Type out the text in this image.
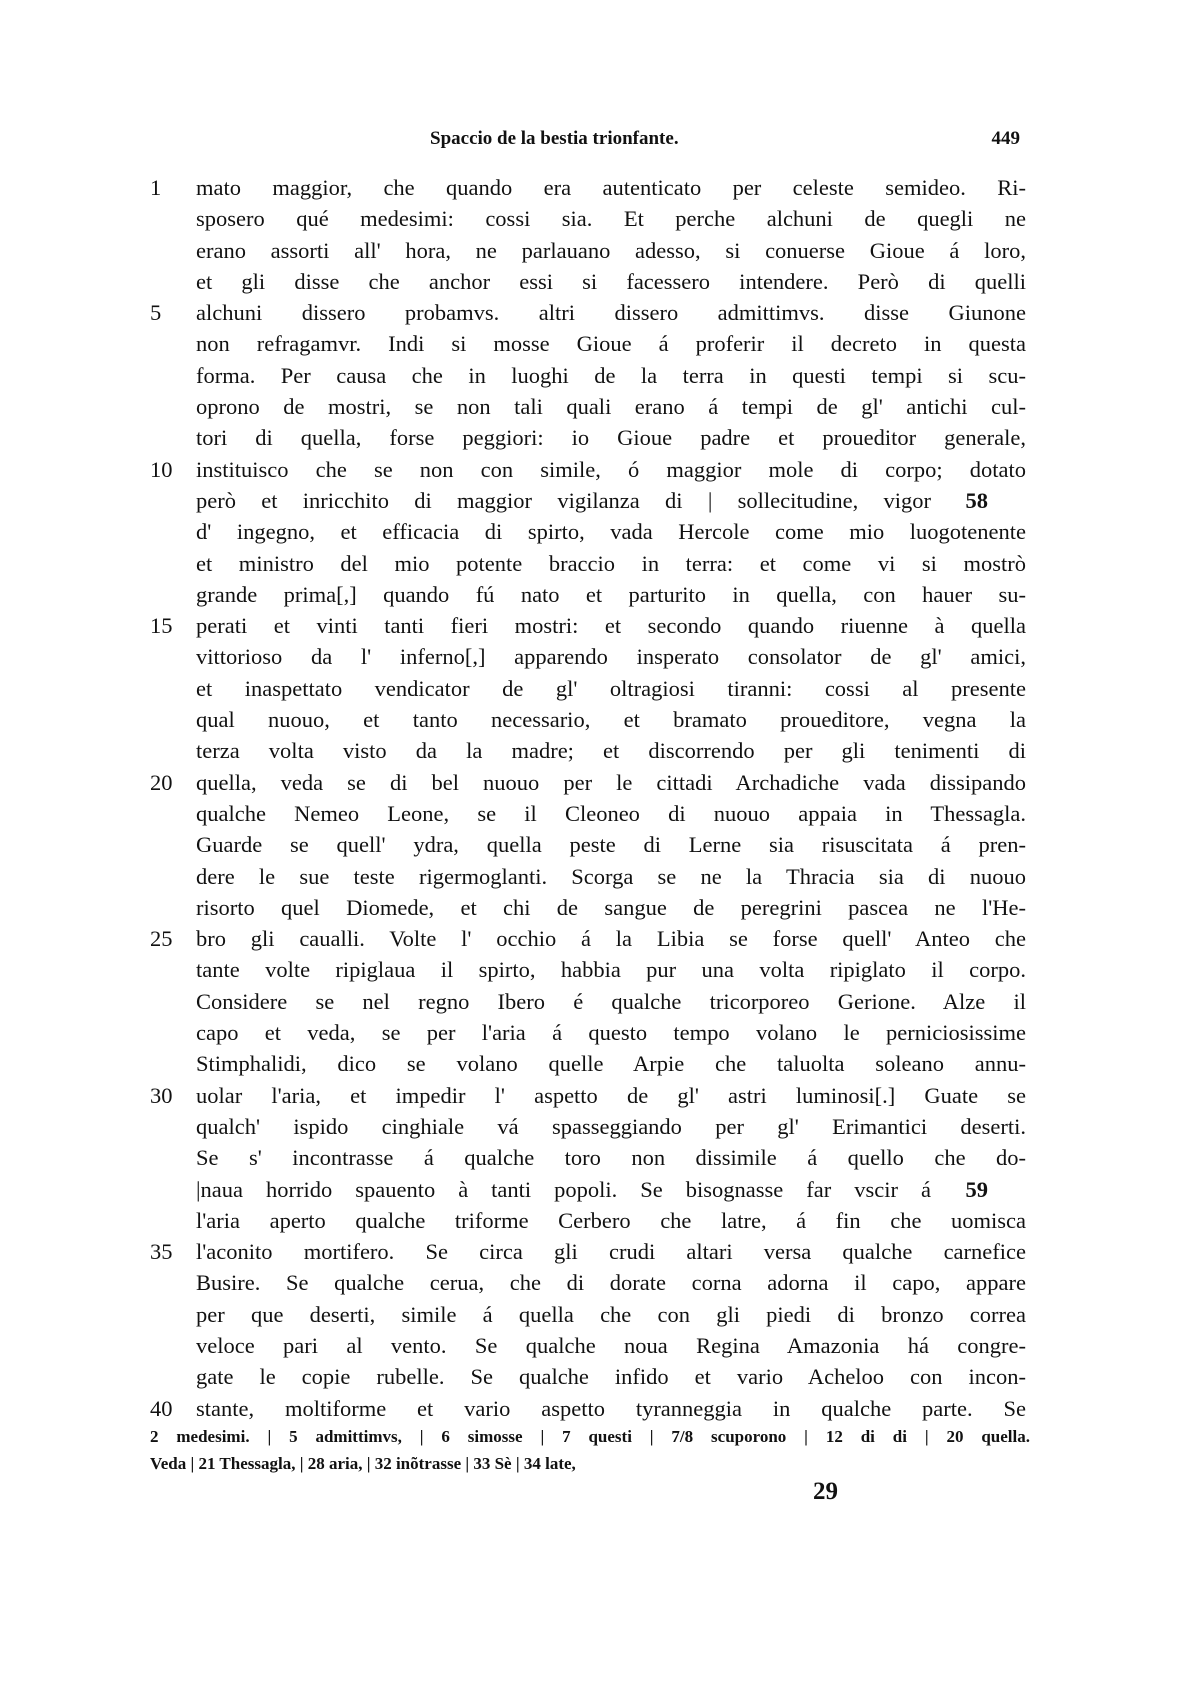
Spaccio de la bestia trionfante.	449
1	mato maggior, che quando era autenticato per celeste semideo. Ri-
sposero qué medesimi: cossi sia. Et perche alchuni de quegli ne
erano assorti all' hora, ne parlauano adesso, si conuerse Gioue á loro,
et gli disse che anchor essi si facessero intendere. Però di quelli
5	alchuni dissero probamvs. altri dissero admittimvs. disse Giunone
non refragamvr. Indi si mosse Gioue á proferir il decreto in questa
forma. Per causa che in luoghi de la terra in questi tempi si scu-
oprono de mostri, se non tali quali erano á tempi de gl' antichi cul-
tori di quella, forse peggiori: io Gioue padre et proueditor generale,
10	instituisco che se non con simile, ó maggior mole di corpo; dotato
però et inricchito di maggior vigilanza di | sollecitudine, vigor	58
d' ingegno, et efficacia di spirto, vada Hercole come mio luogotenente
et ministro del mio potente braccio in terra: et come vi si mostrò
grande prima[,] quando fú nato et parturito in quella, con hauer su-
15	perati et vinti tanti fieri mostri: et secondo quando riuenne à quella
vittorioso da l' inferno[,] apparendo insperato consolator de gl' amici,
et inaspettato vendicator de gl' oltragiosi tiranni: cossi al presente
qual nuouo, et tanto necessario, et bramato proueditore, vegna la
terza volta visto da la madre; et discorrendo per gli tenimenti di
20	quella, veda se di bel nuouo per le cittadi Archadiche vada dissipando
qualche Nemeo Leone, se il Cleoneo di nuouo appaia in Thessagla.
Guarde se quell' ydra, quella peste di Lerne sia risuscitata á pren-
dere le sue teste rigermoglanti. Scorga se ne la Thracia sia di nuouo
risorto quel Diomede, et chi de sangue de peregrini pascea ne l'He-
25	bro gli caualli. Volte l' occhio á la Libia se forse quell' Anteo che
tante volte ripiglaua il spirto, habbia pur una volta ripiglato il corpo.
Considere se nel regno Ibero é qualche tricorporeo Gerione. Alze il
capo et veda, se per l'aria á questo tempo volano le perniciosissime
Stimphalidi, dico se volano quelle Arpie che taluolta soleano annu-
30	uolar l'aria, et impedir l' aspetto de gl' astri luminosi[.] Guate se
qualch' ispido cinghiale vá spasseggiando per gl' Erimantici deserti.
Se s' incontrasse á qualche toro non dissimile á quello che do-
|naua horrido spauento à tanti popoli. Se bisognasse far vscir á	59
l'aria aperto qualche triforme Cerbero che latre, á fin che uomisca
35	l'aconito mortifero. Se circa gli crudi altari versa qualche carnefice
Busire. Se qualche cerua, che di dorate corna adorna il capo, appare
per que deserti, simile á quella che con gli piedi di bronzo correa
veloce pari al vento. Se qualche noua Regina Amazonia há congre-
gate le copie rubelle. Se qualche infido et vario Acheloo con incon-
40	stante, moltiforme et vario aspetto tyranneggia in qualche parte. Se
2 medesimi. | 5 admittimvs, | 6 simosse | 7 questi | 7/8 scuporono | 12 di di | 20 quella.
Veda | 21 Thessagla, | 28 aria, | 32 inõtrasse | 33 Sè | 34 late,
29
